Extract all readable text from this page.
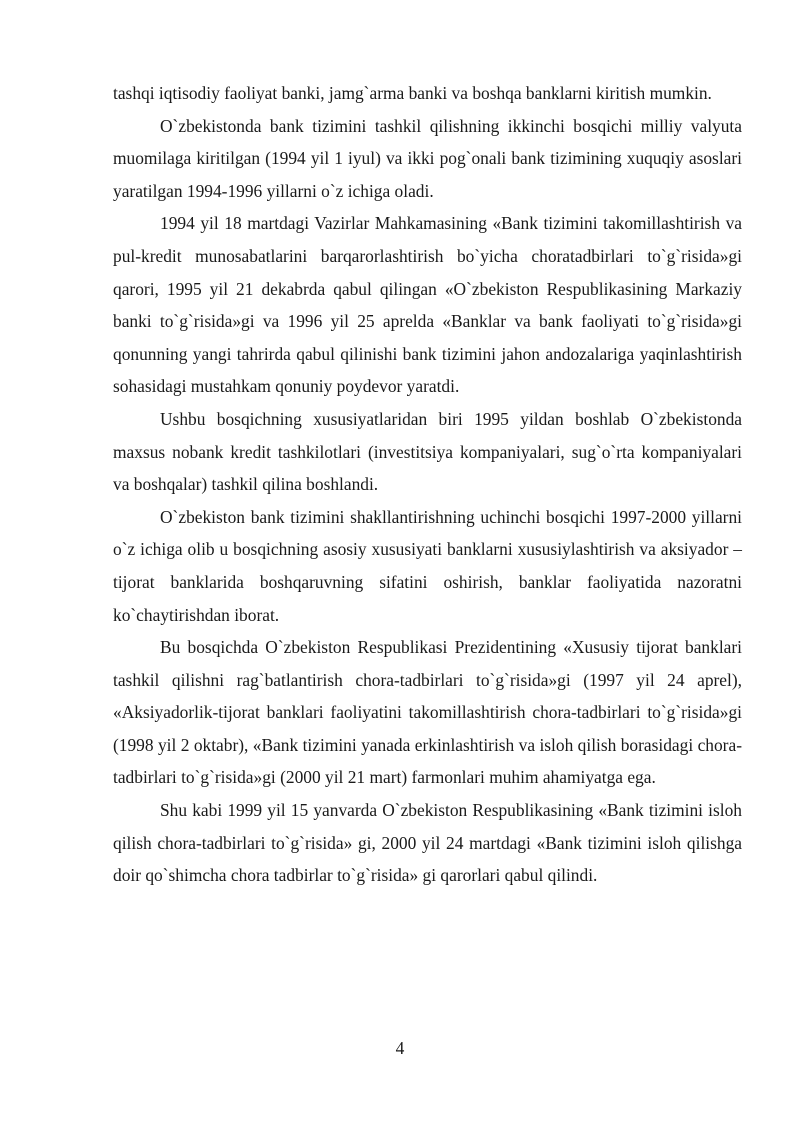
tashqi iqtisodiy faoliyat banki, jamg`arma banki va boshqa banklarni kiritish mumkin.

O`zbekistonda bank tizimini tashkil qilishning ikkinchi bosqichi milliy valyuta muomilaga kiritilgan (1994 yil 1 iyul) va ikki pog`onali bank tizimining xuquqiy asoslari yaratilgan 1994-1996 yillarni o`z ichiga oladi.

1994 yil 18 martdagi Vazirlar Mahkamasining «Bank tizimini takomillashtirish va pul-kredit munosabatlarini barqarorlashtirish bo`yicha choratadbirlari to`g`risida»gi qarori, 1995 yil 21 dekabrda qabul qilingan «O`zbekiston Respublikasining Markaziy banki to`g`risida»gi va 1996 yil 25 aprelda «Banklar va bank faoliyati to`g`risida»gi qonunning yangi tahrirda qabul qilinishi bank tizimini jahon andozalariga yaqinlashtirish sohasidagi mustahkam qonuniy poydevor yaratdi.

Ushbu bosqichning xususiyatlaridan biri 1995 yildan boshlab O`zbekistonda maxsus nobank kredit tashkilotlari (investitsiya kompaniyalari, sug`o`rta kompaniyalari va boshqalar) tashkil qilina boshlandi.

O`zbekiston bank tizimini shakllantirishning uchinchi bosqichi 1997-2000 yillarni o`z ichiga olib u bosqichning asosiy xususiyati banklarni xususiylashtirish va aksiyador – tijorat banklarida boshqaruvning sifatini oshirish, banklar faoliyatida nazoratni ko`chaytirishdan iborat.

Bu bosqichda O`zbekiston Respublikasi Prezidentining «Xususiy tijorat banklari tashkil qilishni rag`batlantirish chora-tadbirlari to`g`risida»gi (1997 yil 24 aprel), «Aksiyadorlik-tijorat banklari faoliyatini takomillashtirish chora-tadbirlari to`g`risida»gi (1998 yil 2 oktabr), «Bank tizimini yanada erkinlashtirish va isloh qilish borasidagi chora-tadbirlari to`g`risida»gi (2000 yil 21 mart) farmonlari muhim ahamiyatga ega.

Shu kabi 1999 yil 15 yanvarda O`zbekiston Respublikasining «Bank tizimini isloh qilish chora-tadbirlari to`g`risida» gi, 2000 yil 24 martdagi «Bank tizimini isloh qilishga doir qo`shimcha chora tadbirlar to`g`risida» gi qarorlari qabul qilindi.

4
